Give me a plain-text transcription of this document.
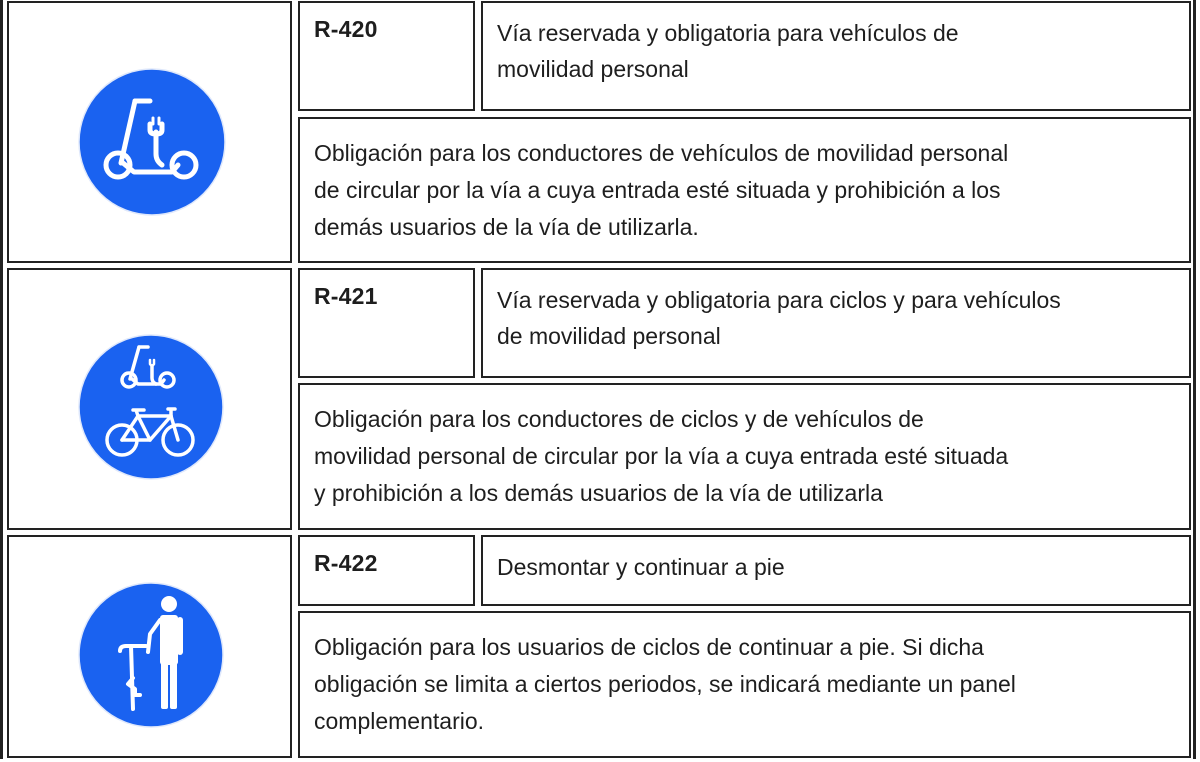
R-420	Vía reservada y obligatoria para vehículos de
movilidad personal
Obligación para los conductores de vehículos de movilidad personal
de circular por la vía a cuya entrada esté situada y prohibición a los
demás usuarios de la vía de utilizarla.
R-421	Vía reservada y obligatoria para ciclos y para vehículos
de movilidad personal
Obligación para los conductores de ciclos y de vehículos de
movilidad personal de circular por la vía a cuya entrada esté situada
y prohibición a los demás usuarios de la vía de utilizarla
R-422	Desmontar y continuar a pie
Obligación para los usuarios de ciclos de continuar a pie. Si dicha
obligación se limita a ciertos periodos, se indicará mediante un panel
complementario.
